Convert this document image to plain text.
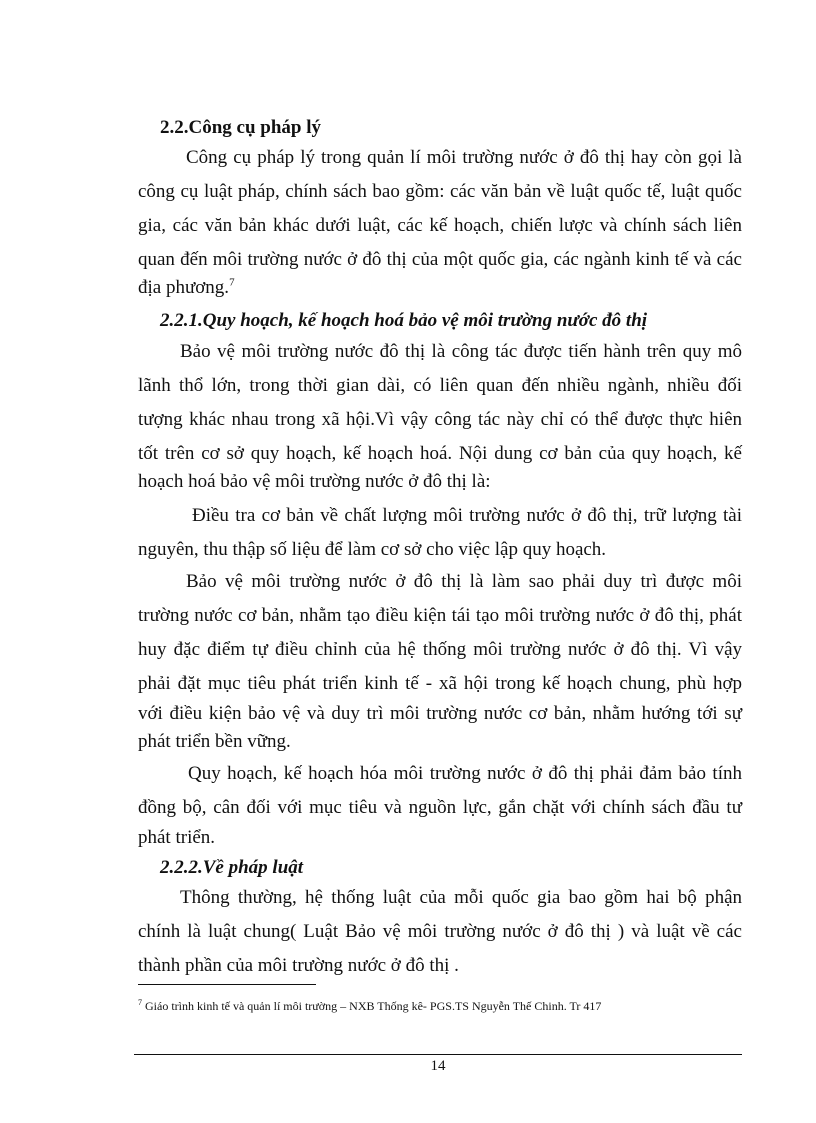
2.2.Công cụ pháp lý
Công cụ pháp lý trong quản lí môi trường nước ở đô thị hay còn gọi là
công cụ luật pháp, chính sách bao gồm: các văn bản về luật quốc tế, luật quốc
gia, các văn bản khác dưới luật, các kế hoạch, chiến lược và chính sách liên
quan đến môi trường nước ở đô thị của một quốc gia, các ngành kinh tế và các
địa phương.$^7$
2.2.1.Quy hoạch, kế hoạch hoá bảo vệ môi trường nước đô thị
Bảo vệ môi trường nước đô thị là công tác được tiến hành trên quy mô
lãnh thổ lớn, trong thời gian dài, có liên quan đến nhiều ngành, nhiều đối
tượng khác nhau trong xã hội.Vì vậy công tác này chỉ có thể được thực hiên
tốt trên cơ sở quy hoạch, kế hoạch hoá. Nội dung cơ bản của quy hoạch, kế
hoạch hoá bảo vệ môi trường nước ở đô thị là:
Điều tra cơ bản về chất lượng môi trường nước ở đô thị, trữ lượng tài
nguyên, thu thập số liệu để làm cơ sở cho việc lập quy hoạch.
Bảo vệ môi trường nước ở đô thị là làm sao phải duy trì được môi
trường nước cơ bản, nhằm tạo điều kiện tái tạo môi trường nước ở đô thị, phát
huy đặc điểm tự điều chỉnh của hệ thống môi trường nước ở đô thị. Vì vậy
phải đặt mục tiêu phát triển kinh tế - xã hội trong kế hoạch chung, phù hợp
với điều kiện bảo vệ và duy trì môi trường nước cơ bản, nhằm hướng tới sự
phát triển bền vững.
Quy hoạch, kế hoạch hóa môi trường nước ở đô thị phải đảm bảo tính
đồng bộ, cân đối với mục tiêu và nguồn lực, gắn chặt với chính sách đầu tư
phát triển.
2.2.2.Về pháp luật
Thông thường, hệ thống luật của mỗi quốc gia bao gồm hai bộ phận
chính là luật chung( Luật Bảo vệ môi trường nước ở đô thị ) và luật về các
thành phần của môi trường nước ở đô thị .
$^7$ Giáo trình kinh tế và quản lí môi trường – NXB Thống kê- PGS.TS Nguyễn Thế Chinh. Tr 417
14
